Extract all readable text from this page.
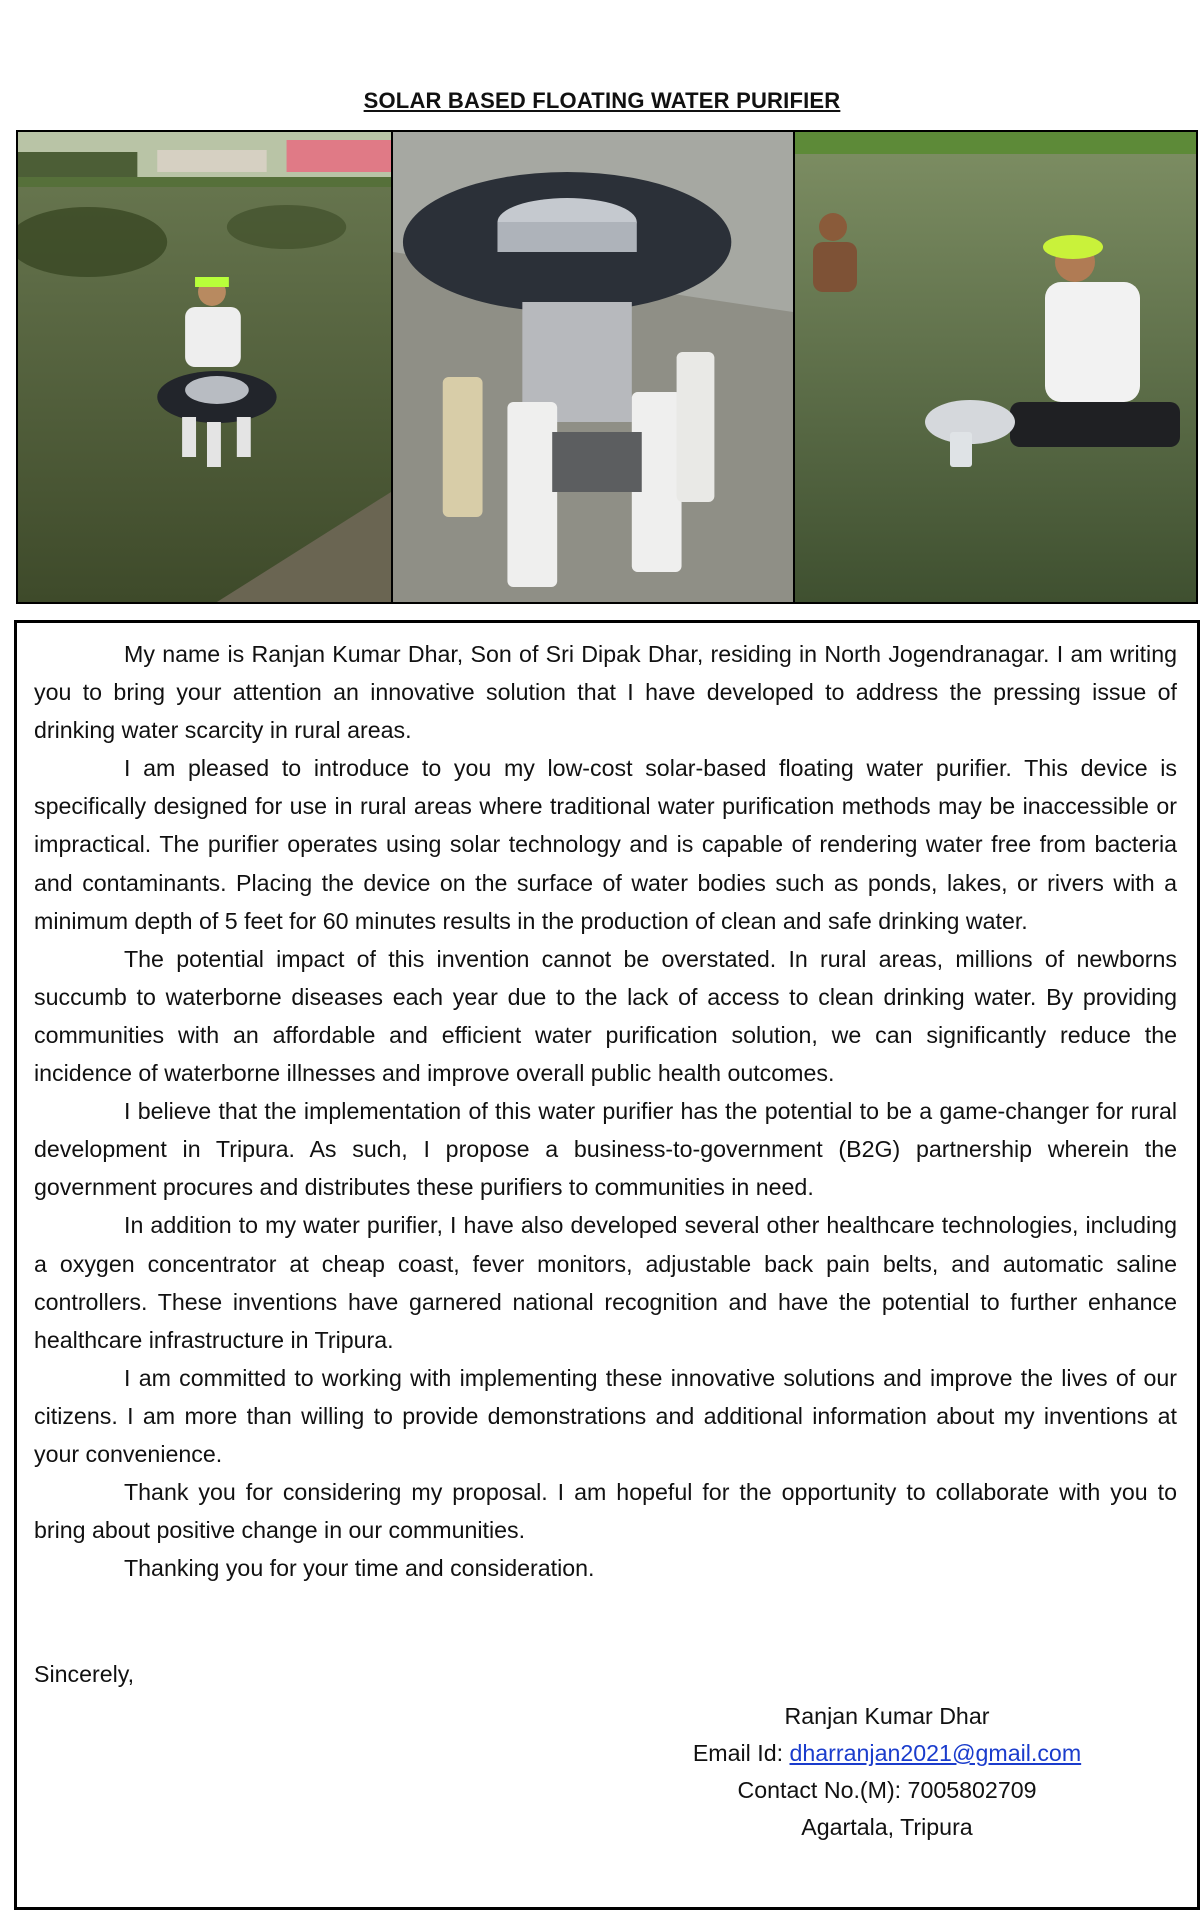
SOLAR BASED FLOATING WATER PURIFIER

My name is Ranjan Kumar Dhar, Son of Sri Dipak Dhar, residing in North Jogendranagar. I am writing you to bring your attention an innovative solution that I have developed to address the pressing issue of drinking water scarcity in rural areas.

I am pleased to introduce to you my low-cost solar-based floating water purifier. This device is specifically designed for use in rural areas where traditional water purification methods may be inaccessible or impractical. The purifier operates using solar technology and is capable of rendering water free from bacteria and contaminants. Placing the device on the surface of water bodies such as ponds, lakes, or rivers with a minimum depth of 5 feet for 60 minutes results in the production of clean and safe drinking water.

The potential impact of this invention cannot be overstated. In rural areas, millions of newborns succumb to waterborne diseases each year due to the lack of access to clean drinking water. By providing communities with an affordable and efficient water purification solution, we can significantly reduce the incidence of waterborne illnesses and improve overall public health outcomes.

I believe that the implementation of this water purifier has the potential to be a game-changer for rural development in Tripura. As such, I propose a business-to-government (B2G) partnership wherein the government procures and distributes these purifiers to communities in need.

In addition to my water purifier, I have also developed several other healthcare technologies, including a oxygen concentrator at cheap coast, fever monitors, adjustable back pain belts, and automatic saline controllers. These inventions have garnered national recognition and have the potential to further enhance healthcare infrastructure in Tripura.

I am committed to working with implementing these innovative solutions and improve the lives of our citizens. I am more than willing to provide demonstrations and additional information about my inventions at your convenience.

Thank you for considering my proposal. I am hopeful for the opportunity to collaborate with you to bring about positive change in our communities.

Thanking you for your time and consideration.

Sincerely,
Ranjan Kumar Dhar
Email Id: dharranjan2021@gmail.com
Contact No.(M): 7005802709
Agartala, Tripura
